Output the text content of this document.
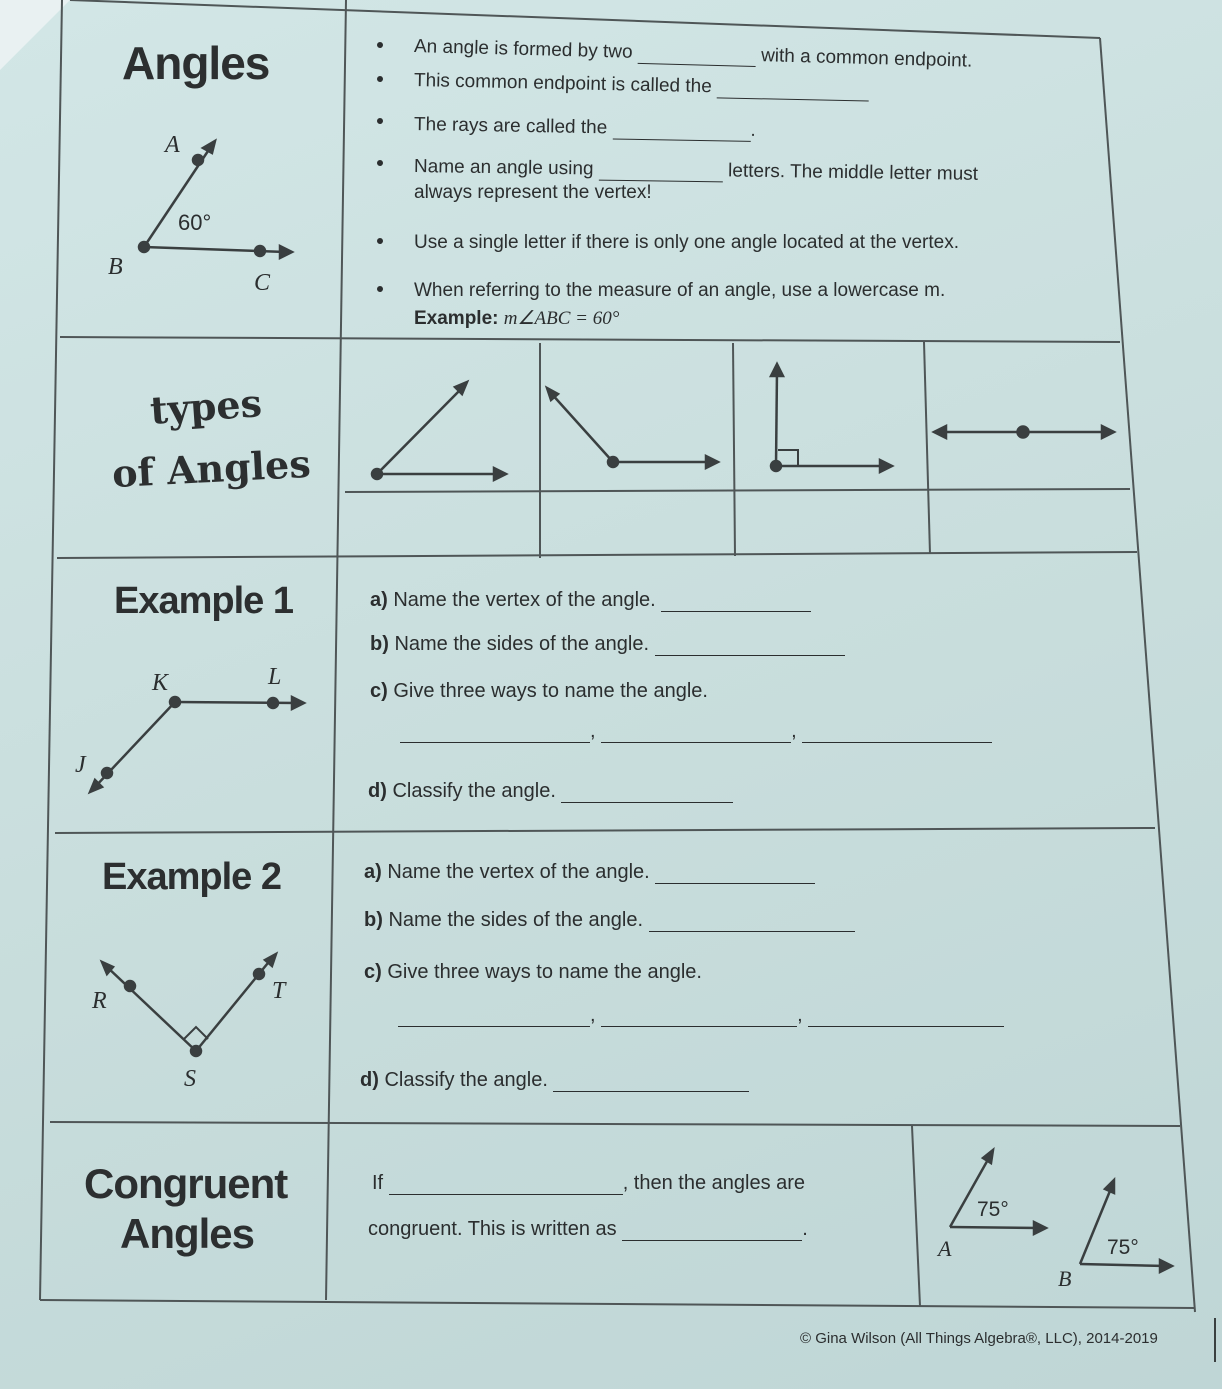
Angles
A
B
C
60°
An angle is formed by two	with a common endpoint.
This common endpoint is called the
The rays are called the	.
Name an angle using	letters. The middle letter must
always represent the vertex!
Use a single letter if there is only one angle located at the vertex.
When referring to the measure of an angle, use a lowercase m.
Example: m∠ABC = 60°
types
of Angles
Example 1
K	L
J
a) Name the vertex of the angle.
b) Name the sides of the angle.
c) Give three ways to name the angle.
,	,
d) Classify the angle.
Example 2
R	T
S
a) Name the vertex of the angle.
b) Name the sides of the angle.
c) Give three ways to name the angle.
,	,
d) Classify the angle.
Congruent
Angles
If	, then the angles are
congruent. This is written as	.
75°
75°
A
B
© Gina Wilson (All Things Algebra®, LLC), 2014-2019
